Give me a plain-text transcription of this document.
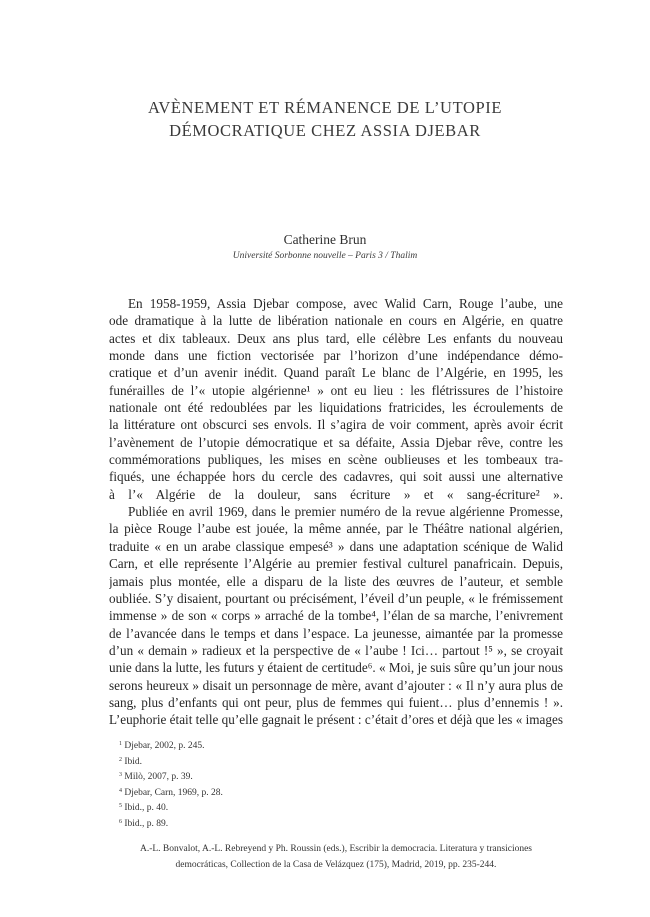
AVÈNEMENT ET RÉMANENCE DE L’UTOPIE
DÉMOCRATIQUE CHEZ ASSIA DJEBAR
Catherine Brun
Université Sorbonne nouvelle – Paris 3 / Thalim
En 1958-1959, Assia Djebar compose, avec Walid Carn, Rouge l’aube, une
ode dramatique à la lutte de libération nationale en cours en Algérie, en quatre
actes et dix tableaux. Deux ans plus tard, elle célèbre Les enfants du nouveau
monde dans une fiction vectorisée par l’horizon d’une indépendance démo-
cratique et d’un avenir inédit. Quand paraît Le blanc de l’Algérie, en 1995, les
funérailles de l’« utopie algérienne¹ » ont eu lieu : les flétrissures de l’histoire
nationale ont été redoublées par les liquidations fratricides, les écroulements de
la littérature ont obscurci ses envols. Il s’agira de voir comment, après avoir écrit
l’avènement de l’utopie démocratique et sa défaite, Assia Djebar rêve, contre les
commémorations publiques, les mises en scène oublieuses et les tombeaux tra-
fiqués, une échappée hors du cercle des cadavres, qui soit aussi une alternative
à l’« Algérie de la douleur, sans écriture » et « sang-écriture² ».
Publiée en avril 1969, dans le premier numéro de la revue algérienne Promesse,
la pièce Rouge l’aube est jouée, la même année, par le Théâtre national algérien,
traduite « en un arabe classique empesé³ » dans une adaptation scénique de Walid
Carn, et elle représente l’Algérie au premier festival culturel panafricain. Depuis,
jamais plus montée, elle a disparu de la liste des œuvres de l’auteur, et semble
oubliée. S’y disaient, pourtant ou précisément, l’éveil d’un peuple, « le frémissement
immense » de son « corps » arraché de la tombe⁴, l’élan de sa marche, l’enivrement
de l’avancée dans le temps et dans l’espace. La jeunesse, aimantée par la promesse
d’un « demain » radieux et la perspective de « l’aube ! Ici… partout !⁵ », se croyait
unie dans la lutte, les futurs y étaient de certitude⁶. « Moi, je suis sûre qu’un jour nous
serons heureux » disait un personnage de mère, avant d’ajouter : « Il n’y aura plus de
sang, plus d’enfants qui ont peur, plus de femmes qui fuient… plus d’ennemis ! ».
L’euphorie était telle qu’elle gagnait le présent : c’était d’ores et déjà que les « images
$^1$ Djebar, 2002, p. 245.
$^2$ Ibid.
$^3$ Milò, 2007, p. 39.
$^4$ Djebar, Carn, 1969, p. 28.
$^5$ Ibid., p. 40.
$^6$ Ibid., p. 89.
A.-L. Bonvalot, A.-L. Rebreyend y Ph. Roussin (eds.), Escribir la democracia. Literatura y transiciones
democráticas, Collection de la Casa de Velázquez (175), Madrid, 2019, pp. 235-244.
